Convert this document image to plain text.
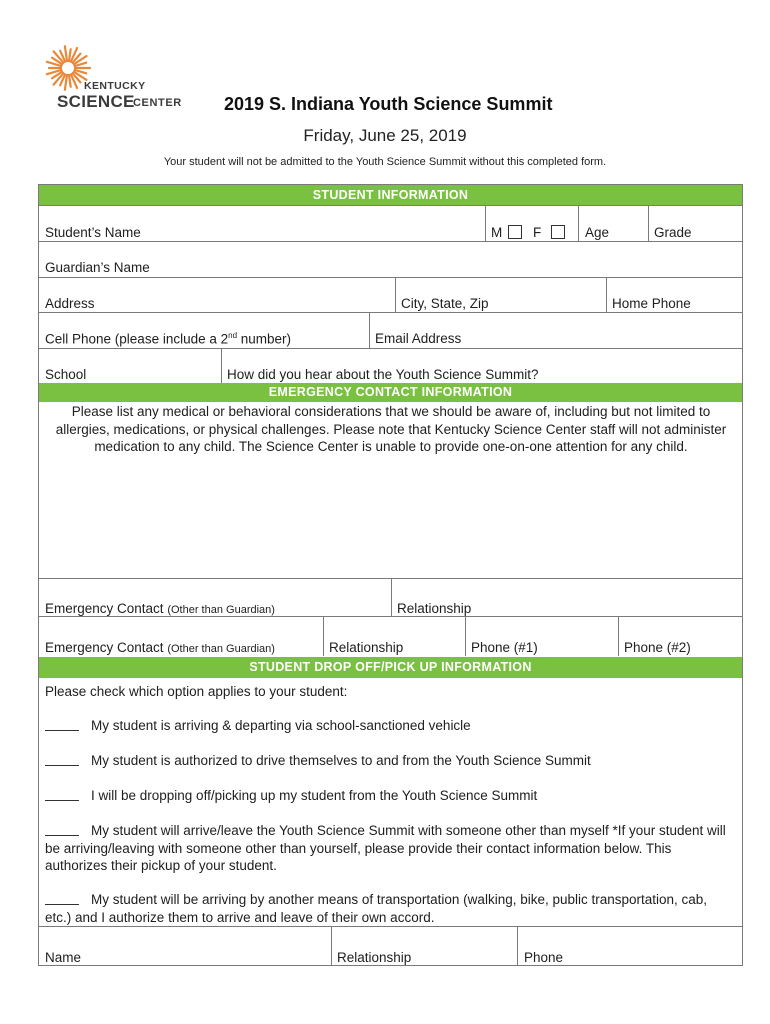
KENTUCKY
SCIENCE
CENTER 2019 S. Indiana Youth Science Summit
Friday, June 25, 2019
Your student will not be admitted to the Youth Science Summit without this completed form.
STUDENT INFORMATION
Student’s Name	M F	Age	Grade
Guardian’s Name
Address	City, State, Zip	Home Phone
Cell Phone (please include a 2nd number)	Email Address
School	How did you hear about the Youth Science Summit?
EMERGENCY CONTACT INFORMATION
Please list any medical or behavioral considerations that we should be aware of, including but not limited to allergies, medications, or physical challenges. Please note that Kentucky Science Center staff will not administer medication to any child. The Science Center is unable to provide one-on-one attention for any child.
Emergency Contact (Other than Guardian)	Relationship
Emergency Contact (Other than Guardian)	Relationship	Phone (#1)	Phone (#2)
STUDENT DROP OFF/PICK UP INFORMATION
Please check which option applies to your student:
My student is arriving & departing via school-sanctioned vehicle
My student is authorized to drive themselves to and from the Youth Science Summit
I will be dropping off/picking up my student from the Youth Science Summit
My student will arrive/leave the Youth Science Summit with someone other than myself *If your student will be arriving/leaving with someone other than yourself, please provide their contact information below. This authorizes their pickup of your student.
My student will be arriving by another means of transportation (walking, bike, public transportation, cab, etc.) and I authorize them to arrive and leave of their own accord.
Name	Relationship	Phone
